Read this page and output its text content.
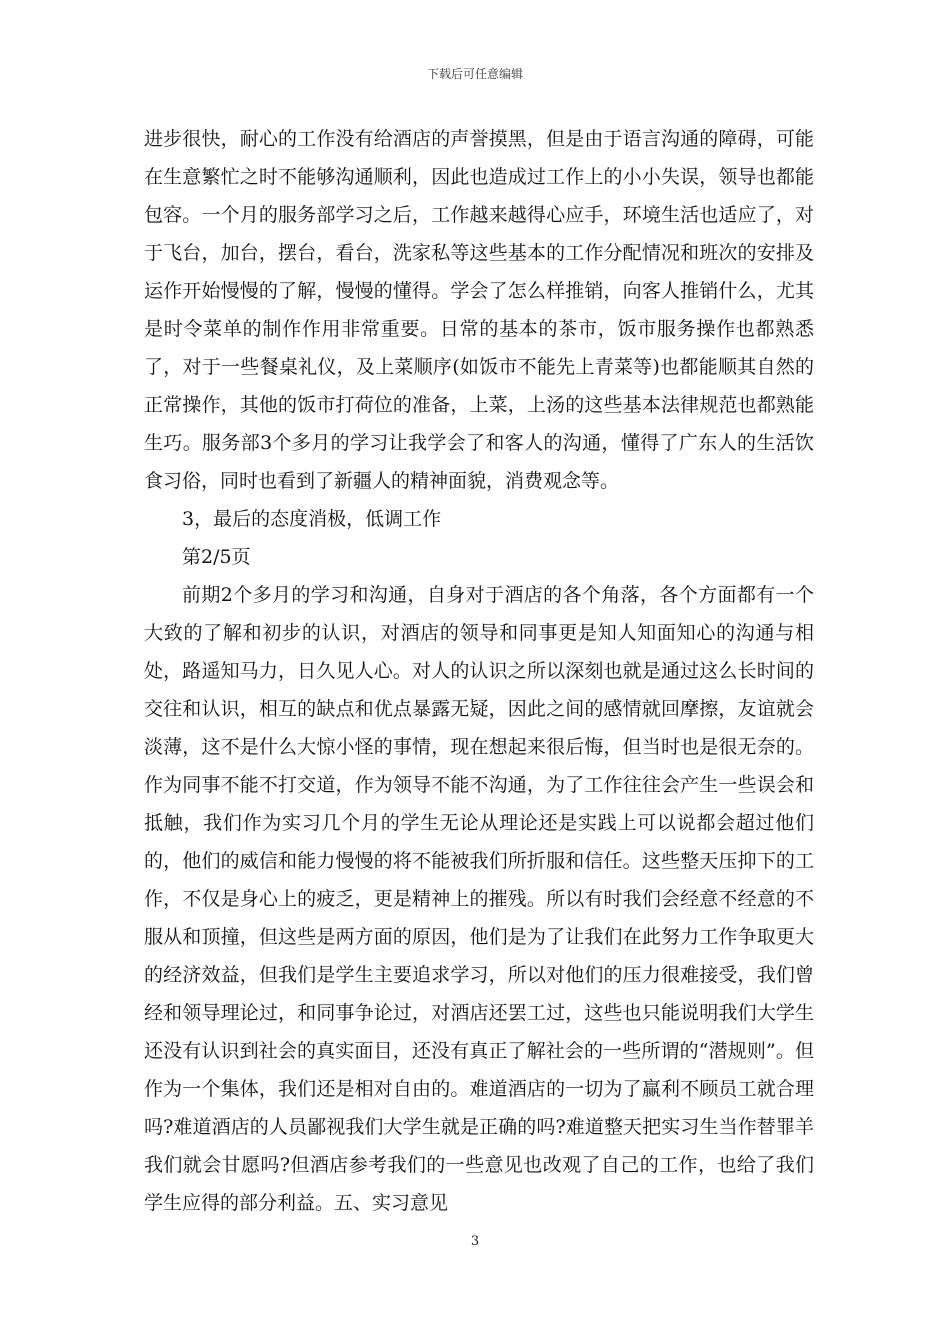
下载后可任意编辑

进步很快，耐心的工作没有给酒店的声誉摸黑，但是由于语言沟通的障碍，可能在生意繁忙之时不能够沟通顺利，因此也造成过工作上的小小失误，领导也都能包容。一个月的服务部学习之后，工作越来越得心应手，环境生活也适应了，对于飞台，加台，摆台，看台，洗家私等这些基本的工作分配情况和班次的安排及运作开始慢慢的了解，慢慢的懂得。学会了怎么样推销，向客人推销什么，尤其是时令菜单的制作作用非常重要。日常的基本的茶市，饭市服务操作也都熟悉了，对于一些餐桌礼仪，及上菜顺序(如饭市不能先上青菜等)也都能顺其自然的正常操作，其他的饭市打荷位的准备，上菜，上汤的这些基本法律规范也都熟能生巧。服务部3个多月的学习让我学会了和客人的沟通，懂得了广东人的生活饮食习俗，同时也看到了新疆人的精神面貌，消费观念等。

3，最后的态度消极，低调工作

第2/5页

前期2个多月的学习和沟通，自身对于酒店的各个角落，各个方面都有一个大致的了解和初步的认识，对酒店的领导和同事更是知人知面知心的沟通与相处，路遥知马力，日久见人心。对人的认识之所以深刻也就是通过这么长时间的交往和认识，相互的缺点和优点暴露无疑，因此之间的感情就回摩擦，友谊就会淡薄，这不是什么大惊小怪的事情，现在想起来很后悔，但当时也是很无奈的。作为同事不能不打交道，作为领导不能不沟通，为了工作往往会产生一些误会和抵触，我们作为实习几个月的学生无论从理论还是实践上可以说都会超过他们的，他们的威信和能力慢慢的将不能被我们所折服和信任。这些整天压抑下的工作，不仅是身心上的疲乏，更是精神上的摧残。所以有时我们会经意不经意的不服从和顶撞，但这些是两方面的原因，他们是为了让我们在此努力工作争取更大的经济效益，但我们是学生主要追求学习，所以对他们的压力很难接受，我们曾经和领导理论过，和同事争论过，对酒店还罢工过，这些也只能说明我们大学生还没有认识到社会的真实面目，还没有真正了解社会的一些所谓的“潜规则”。但作为一个集体，我们还是相对自由的。难道酒店的一切为了赢利不顾员工就合理吗?难道酒店的人员鄙视我们大学生就是正确的吗?难道整天把实习生当作替罪羊我们就会甘愿吗?但酒店参考我们的一些意见也改观了自己的工作，也给了我们学生应得的部分利益。五、实习意见

3
